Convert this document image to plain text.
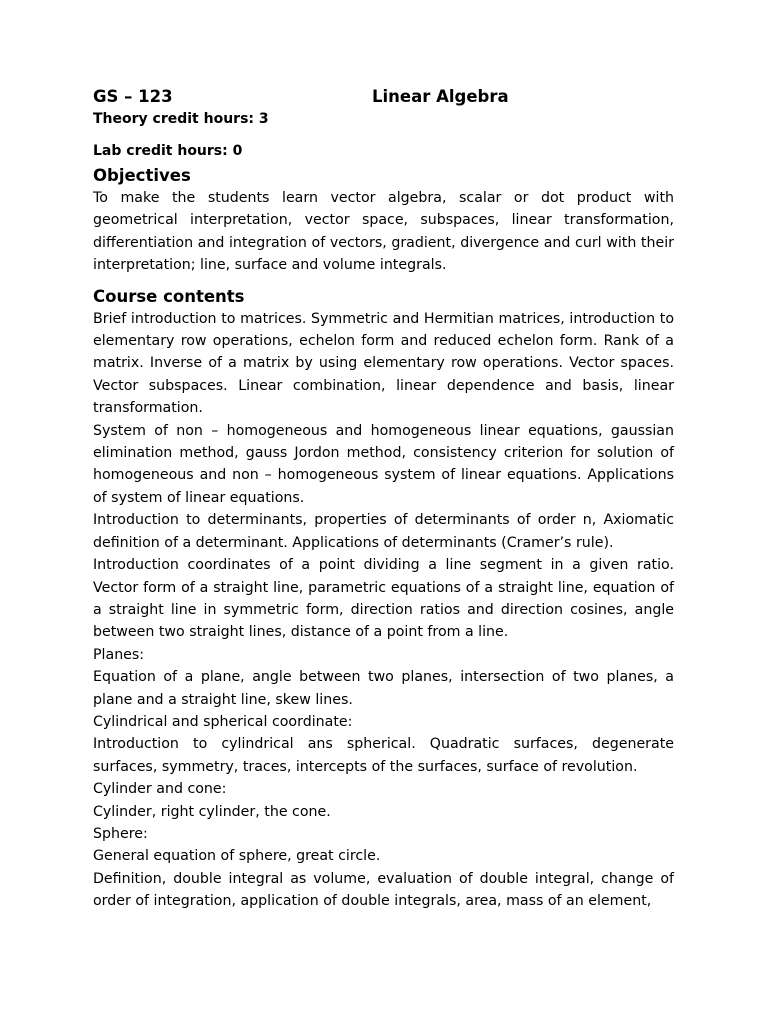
GS – 123	Linear Algebra
Theory credit hours: 3
Lab credit hours: 0
Objectives

To make the students learn vector algebra, scalar or dot product with geometrical interpretation, vector space, subspaces, linear transformation, differentiation and integration of vectors, gradient, divergence and curl with their interpretation; line, surface and volume integrals.

Course contents

Brief introduction to matrices. Symmetric and Hermitian matrices, introduction to elementary row operations, echelon form and reduced echelon form. Rank of a matrix. Inverse of a matrix by using elementary row operations. Vector spaces. Vector subspaces. Linear combination, linear dependence and basis, linear transformation.

System of non – homogeneous and homogeneous linear equations, gaussian elimination method, gauss Jordon method, consistency criterion for solution of homogeneous and non – homogeneous system of linear equations. Applications of system of linear equations.

Introduction to determinants, properties of determinants of order n, Axiomatic definition of a determinant. Applications of determinants (Cramer’s rule).

Introduction coordinates of a point dividing a line segment in a given ratio. Vector form of a straight line, parametric equations of a straight line, equation of a straight line in symmetric form, direction ratios and direction cosines, angle between two straight lines, distance of a point from a line.

Planes:

Equation of a plane, angle between two planes, intersection of two planes, a plane and a straight line, skew lines.

Cylindrical and spherical coordinate:

Introduction to cylindrical ans spherical. Quadratic surfaces, degenerate surfaces, symmetry, traces, intercepts of the surfaces, surface of revolution.

Cylinder and cone:

Cylinder, right cylinder, the cone.

Sphere:

General equation of sphere, great circle.

Definition, double integral as volume, evaluation of double integral, change of order of integration, application of double integrals, area, mass of an element,
